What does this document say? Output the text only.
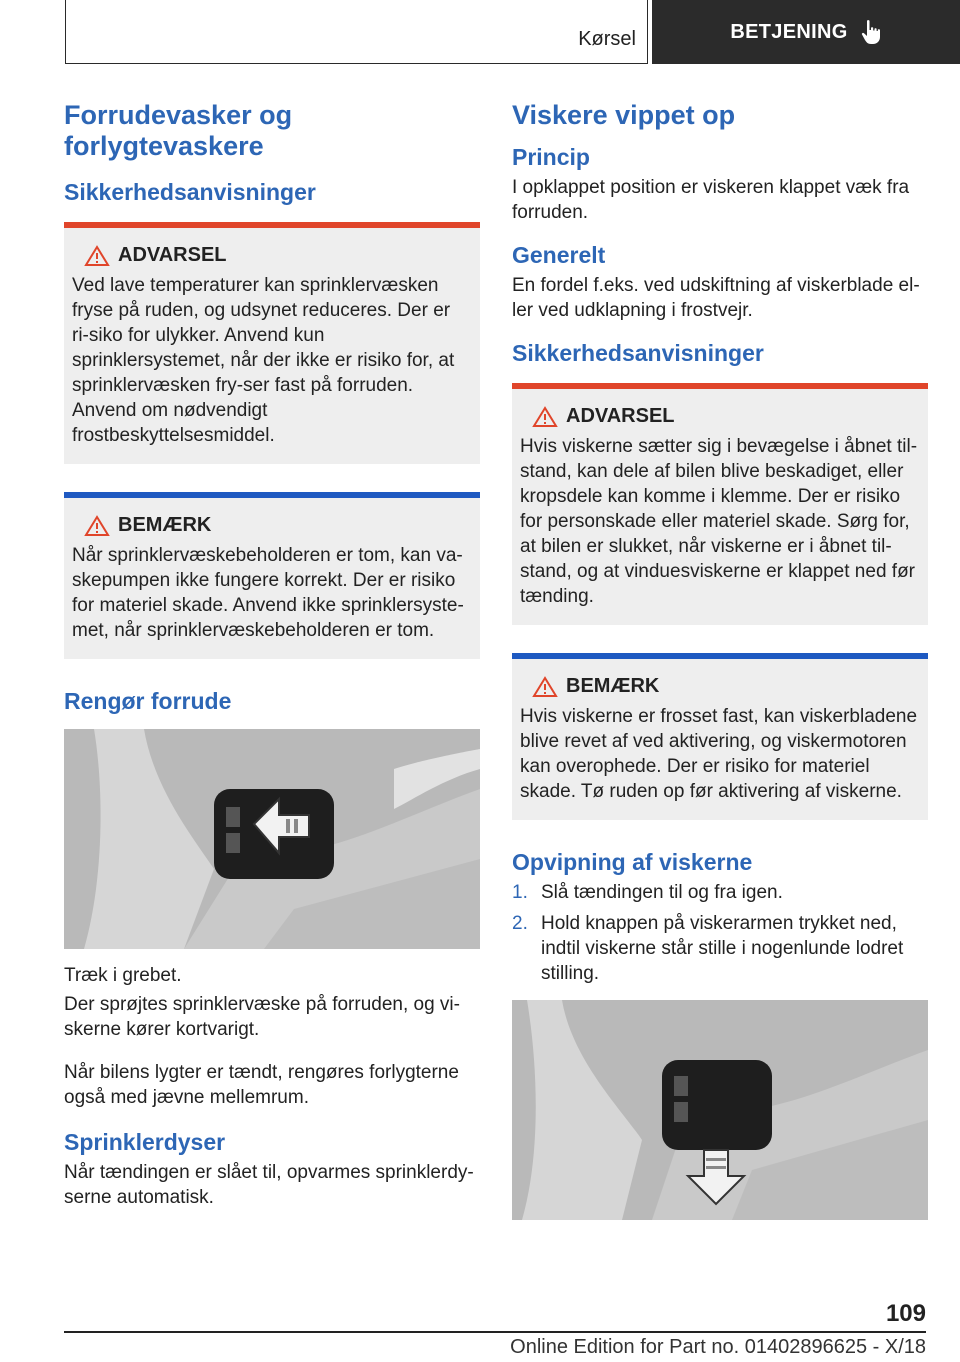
Kørsel	BETJENING
Forrudevasker og forlygtevaskere
Sikkerhedsanvisninger
ADVARSEL

Ved lave temperaturer kan sprinklervæsken fryse på ruden, og udsynet reduceres. Der er ri-siko for ulykker. Anvend kun sprinklersystemet, når der ikke er risiko for, at sprinklervæsken fry-ser fast på forruden. Anvend om nødvendigt frostbeskyttelsesmiddel.

BEMÆRK

Når sprinklervæskebeholderen er tom, kan va-skepumpen ikke fungere korrekt. Der er risiko for materiel skade. Anvend ikke sprinklersyste-met, når sprinklervæskebeholderen er tom.

Rengør forrude

Træk i grebet.

Der sprøjtes sprinklervæske på forruden, og vi-skerne kører kortvarigt.

Når bilens lygter er tændt, rengøres forlygterne også med jævne mellemrum.

Sprinklerdyser

Når tændingen er slået til, opvarmes sprinklerdy-serne automatisk.

Viskere vippet op
Princip

I opklappet position er viskeren klappet væk fra forruden.

Generelt

En fordel f.eks. ved udskiftning af viskerblade el-ler ved udklapning i frostvejr.

Sikkerhedsanvisninger
ADVARSEL

Hvis viskerne sætter sig i bevægelse i åbnet til-stand, kan dele af bilen blive beskadiget, eller kropsdele kan komme i klemme. Der er risiko for personskade eller materiel skade. Sørg for, at bilen er slukket, når viskerne er i åbnet til-stand, og at vinduesviskerne er klappet ned før tænding.

BEMÆRK

Hvis viskerne er frosset fast, kan viskerbladene blive revet af ved aktivering, og viskermotoren kan overophede. Der er risiko for materiel skade. Tø ruden op før aktivering af viskerne.

Opvipning af viskerne
1. Slå tændingen til og fra igen.
2. Hold knappen på viskerarmen trykket ned, indtil viskerne står stille i nogenlunde lodret stilling.
109
Online Edition for Part no. 01402896625 - X/18
